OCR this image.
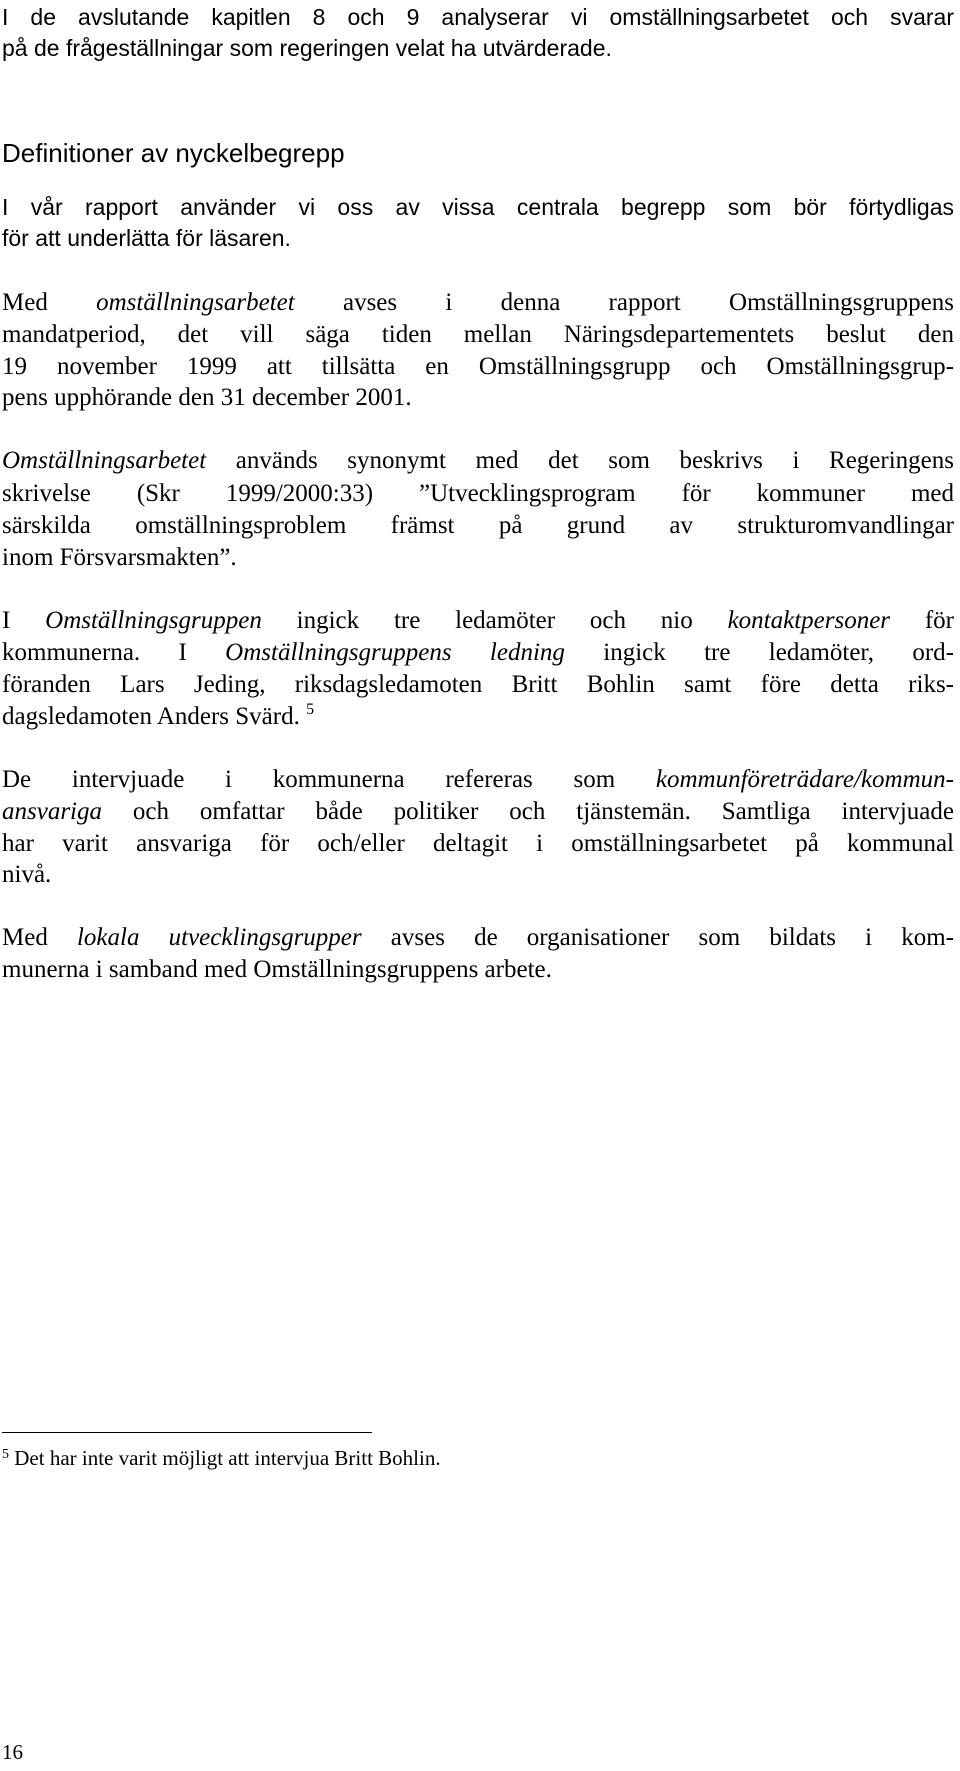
I de avslutande kapitlen 8 och 9 analyserar vi omställningsarbetet och svarar
på de frågeställningar som regeringen velat ha utvärderade.
Definitioner av nyckelbegrepp
I vår rapport använder vi oss av vissa centrala begrepp som bör förtydligas
för att underlätta för läsaren.
Med omställningsarbetet avses i denna rapport Omställningsgruppens
mandatperiod, det vill säga tiden mellan Näringsdepartementets beslut den
19 november 1999 att tillsätta en Omställningsgrupp och Omställningsgrup-
pens upphörande den 31 december 2001.
Omställningsarbetet används synonymt med det som beskrivs i Regeringens
skrivelse (Skr 1999/2000:33) ”Utvecklingsprogram för kommuner med
särskilda omställningsproblem främst på grund av strukturomvandlingar
inom Försvarsmakten”.
I Omställningsgruppen ingick tre ledamöter och nio kontaktpersoner för
kommunerna. I Omställningsgruppens ledning ingick tre ledamöter, ord-
föranden Lars Jeding, riksdagsledamoten Britt Bohlin samt före detta riks-
dagsledamoten Anders Svärd. $^5$
De intervjuade i kommunerna refereras som kommunföreträdare/kommun-
ansvariga och omfattar både politiker och tjänstemän. Samtliga intervjuade
har varit ansvariga för och/eller deltagit i omställningsarbetet på kommunal
nivå.
Med lokala utvecklingsgrupper avses de organisationer som bildats i kom-
munerna i samband med Omställningsgruppens arbete.
$^5$ Det har inte varit möjligt att intervjua Britt Bohlin.
16
